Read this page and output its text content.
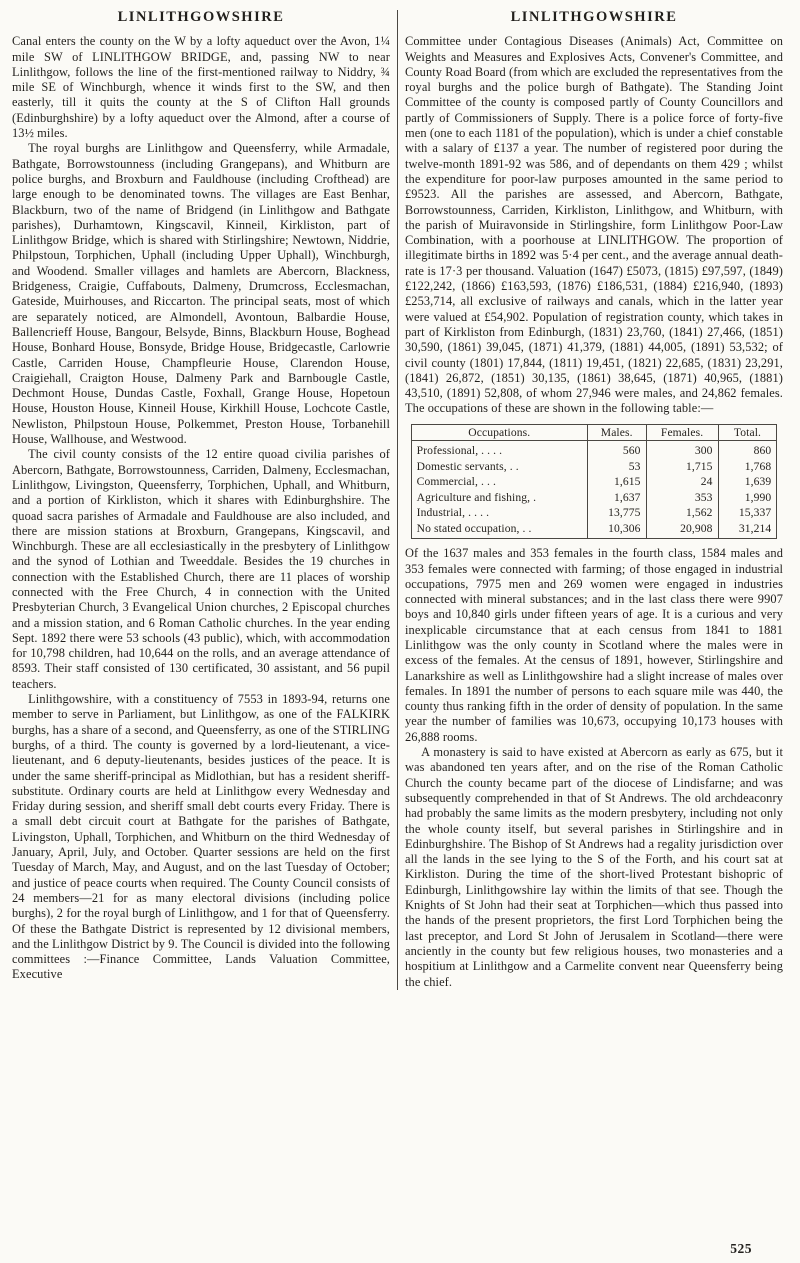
LINLITHGOWSHIRE

Canal enters the county on the W by a lofty aqueduct over the Avon, 1¼ mile SW of LINLITHGOW BRIDGE, and, passing NW to near Linlithgow, follows the line of the first-mentioned railway to Niddry, ¾ mile SE of Winchburgh, whence it winds first to the SW, and then easterly, till it quits the county at the S of Clifton Hall grounds (Edinburghshire) by a lofty aqueduct over the Almond, after a course of 13½ miles.

The royal burghs are Linlithgow and Queensferry, while Armadale, Bathgate, Borrowstounness (including Grangepans), and Whitburn are police burghs, and Broxburn and Fauldhouse (including Crofthead) are large enough to be denominated towns. The villages are East Benhar, Blackburn, two of the name of Bridgend (in Linlithgow and Bathgate parishes), Durhamtown, Kingscavil, Kinneil, Kirkliston, part of Linlithgow Bridge, which is shared with Stirlingshire; Newtown, Niddrie, Philpstoun, Torphichen, Uphall (including Upper Uphall), Winchburgh, and Woodend. Smaller villages and hamlets are Abercorn, Blackness, Bridgeness, Craigie, Cuffabouts, Dalmeny, Drumcross, Ecclesmachan, Gateside, Muirhouses, and Riccarton. The principal seats, most of which are separately noticed, are Almondell, Avontoun, Balbardie House, Ballencrieff House, Bangour, Belsyde, Binns, Blackburn House, Boghead House, Bonhard House, Bonsyde, Bridge House, Bridgecastle, Carlowrie Castle, Carriden House, Champfleurie House, Clarendon House, Craigiehall, Craigton House, Dalmeny Park and Barnbougle Castle, Dechmont House, Dundas Castle, Foxhall, Grange House, Hopetoun House, Houston House, Kinneil House, Kirkhill House, Lochcote Castle, Newliston, Philpstoun House, Polkemmet, Preston House, Torbanehill House, Wallhouse, and Westwood.

The civil county consists of the 12 entire quoad civilia parishes of Abercorn, Bathgate, Borrowstounness, Carriden, Dalmeny, Ecclesmachan, Linlithgow, Livingston, Queensferry, Torphichen, Uphall, and Whitburn, and a portion of Kirkliston, which it shares with Edinburghshire. The quoad sacra parishes of Armadale and Fauldhouse are also included, and there are mission stations at Broxburn, Grangepans, Kingscavil, and Winchburgh. These are all ecclesiastically in the presbytery of Linlithgow and the synod of Lothian and Tweeddale. Besides the 19 churches in connection with the Established Church, there are 11 places of worship connected with the Free Church, 4 in connection with the United Presbyterian Church, 3 Evangelical Union churches, 2 Episcopal churches and a mission station, and 6 Roman Catholic churches. In the year ending Sept. 1892 there were 53 schools (43 public), which, with accommodation for 10,798 children, had 10,644 on the rolls, and an average attendance of 8593. Their staff consisted of 130 certificated, 30 assistant, and 56 pupil teachers.

Linlithgowshire, with a constituency of 7553 in 1893-94, returns one member to serve in Parliament, but Linlithgow, as one of the FALKIRK burghs, has a share of a second, and Queensferry, as one of the STIRLING burghs, of a third. The county is governed by a lord-lieutenant, a vice-lieutenant, and 6 deputy-lieutenants, besides justices of the peace. It is under the same sheriff-principal as Midlothian, but has a resident sheriff-substitute. Ordinary courts are held at Linlithgow every Wednesday and Friday during session, and sheriff small debt courts every Friday. There is a small debt circuit court at Bathgate for the parishes of Bathgate, Livingston, Uphall, Torphichen, and Whitburn on the third Wednesday of January, April, July, and October. Quarter sessions are held on the first Tuesday of March, May, and August, and on the last Tuesday of October; and justice of peace courts when required. The County Council consists of 24 members—21 for as many electoral divisions (including police burghs), 2 for the royal burgh of Linlithgow, and 1 for that of Queensferry. Of these the Bathgate District is represented by 12 divisional members, and the Linlithgow District by 9. The Council is divided into the following committees :—Finance Committee, Lands Valuation Committee, Executive

LINLITHGOWSHIRE

Committee under Contagious Diseases (Animals) Act, Committee on Weights and Measures and Explosives Acts, Convener's Committee, and County Road Board (from which are excluded the representatives from the royal burghs and the police burgh of Bathgate). The Standing Joint Committee of the county is composed partly of County Councillors and partly of Commissioners of Supply. There is a police force of forty-five men (one to each 1181 of the population), which is under a chief constable with a salary of £137 a year. The number of registered poor during the twelve-month 1891-92 was 586, and of dependants on them 429 ; whilst the expenditure for poor-law purposes amounted in the same period to £9523. All the parishes are assessed, and Abercorn, Bathgate, Borrowstounness, Carriden, Kirkliston, Linlithgow, and Whitburn, with the parish of Muiravonside in Stirlingshire, form Linlithgow Poor-Law Combination, with a poorhouse at LINLITHGOW. The proportion of illegitimate births in 1892 was 5·4 per cent., and the average annual death-rate is 17·3 per thousand. Valuation (1647) £5073, (1815) £97,597, (1849) £122,242, (1866) £163,593, (1876) £186,531, (1884) £216,940, (1893) £253,714, all exclusive of railways and canals, which in the latter year were valued at £54,902. Population of registration county, which takes in part of Kirkliston from Edinburgh, (1831) 23,760, (1841) 27,466, (1851) 30,590, (1861) 39,045, (1871) 41,379, (1881) 44,005, (1891) 53,532; of civil county (1801) 17,844, (1811) 19,451, (1821) 22,685, (1831) 23,291, (1841) 26,872, (1851) 30,135, (1861) 38,645, (1871) 40,965, (1881) 43,510, (1891) 52,808, of whom 27,946 were males, and 24,862 females. The occupations of these are shown in the following table:—

Occupations.	Males.	Females.	Total.
Professional, . . . .	560	300	860
Domestic servants, . .	53	1,715	1,768
Commercial, . . .	1,615	24	1,639
Agriculture and fishing, .	1,637	353	1,990
Industrial, . . . .	13,775	1,562	15,337
No stated occupation, . .	10,306	20,908	31,214

Of the 1637 males and 353 females in the fourth class, 1584 males and 353 females were connected with farming; of those engaged in industrial occupations, 7975 men and 269 women were engaged in industries connected with mineral substances; and in the last class there were 9907 boys and 10,840 girls under fifteen years of age. It is a curious and very inexplicable circumstance that at each census from 1841 to 1881 Linlithgow was the only county in Scotland where the males were in excess of the females. At the census of 1891, however, Stirlingshire and Lanarkshire as well as Linlithgowshire had a slight increase of males over females. In 1891 the number of persons to each square mile was 440, the county thus ranking fifth in the order of density of population. In the same year the number of families was 10,673, occupying 10,173 houses with 26,888 rooms.

A monastery is said to have existed at Abercorn as early as 675, but it was abandoned ten years after, and on the rise of the Roman Catholic Church the county became part of the diocese of Lindisfarne; and was subsequently comprehended in that of St Andrews. The old archdeaconry had probably the same limits as the modern presbytery, including not only the whole county itself, but several parishes in Stirlingshire and in Edinburghshire. The Bishop of St Andrews had a regality jurisdiction over all the lands in the see lying to the S of the Forth, and his court sat at Kirkliston. During the time of the short-lived Protestant bishopric of Edinburgh, Linlithgowshire lay within the limits of that see. Though the Knights of St John had their seat at Torphichen—which thus passed into the hands of the present proprietors, the first Lord Torphichen being the last preceptor, and Lord St John of Jerusalem in Scotland—there were anciently in the county but few religious houses, two monasteries and a hospitium at Linlithgow and a Carmelite convent near Queensferry being the chief.

525
